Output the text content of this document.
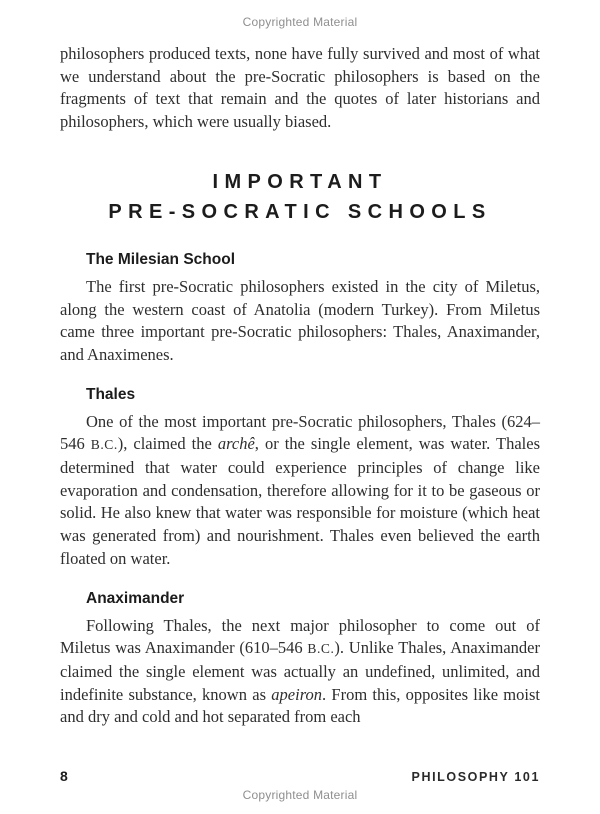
Copyrighted Material

philosophers produced texts, none have fully survived and most of what we understand about the pre-Socratic philosophers is based on the fragments of text that remain and the quotes of later historians and philosophers, which were usually biased.

IMPORTANT
PRE-SOCRATIC SCHOOLS
The Milesian School

The first pre-Socratic philosophers existed in the city of Miletus, along the western coast of Anatolia (modern Turkey). From Miletus came three important pre-Socratic philosophers: Thales, Anaximander, and Anaximenes.

Thales

One of the most important pre-Socratic philosophers, Thales (624–546 B.C.), claimed the archê, or the single element, was water. Thales determined that water could experience principles of change like evaporation and condensation, therefore allowing for it to be gaseous or solid. He also knew that water was responsible for moisture (which heat was generated from) and nourishment. Thales even believed the earth floated on water.

Anaximander

Following Thales, the next major philosopher to come out of Miletus was Anaximander (610–546 B.C.). Unlike Thales, Anaximander claimed the single element was actually an undefined, unlimited, and indefinite substance, known as apeiron. From this, opposites like moist and dry and cold and hot separated from each

8	PHILOSOPHY 101
Copyrighted Material
